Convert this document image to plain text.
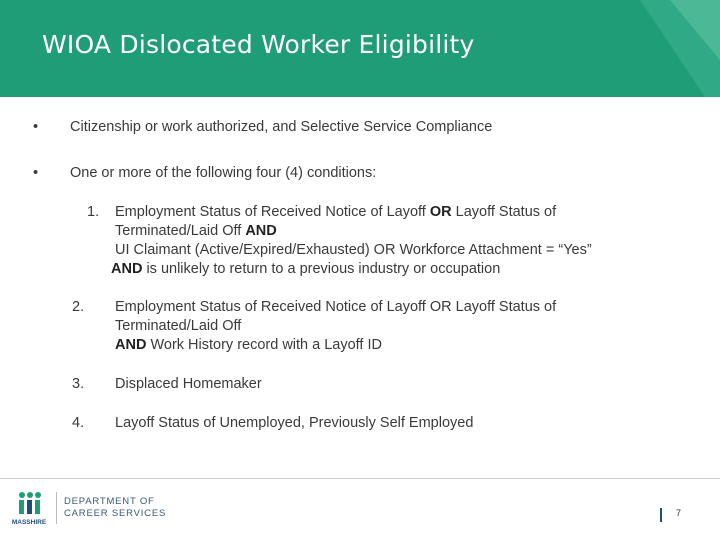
WIOA Dislocated Worker Eligibility
• Citizenship or work authorized, and Selective Service Compliance
• One or more of the following four (4) conditions:
1.	Employment Status of Received Notice of Layoff OR Layoff Status of
Terminated/Laid Off AND
UI Claimant (Active/Expired/Exhausted) OR Workforce Attachment = “Yes”
AND is unlikely to return to a previous industry or occupation
2.	Employment Status of Received Notice of Layoff OR Layoff Status of
Terminated/Laid Off
AND Work History record with a Layoff ID
3.	Displaced Homemaker
4.	Layoff Status of Unemployed, Previously Self Employed
MASSHIRE
DEPARTMENT OF
CAREER SERVICES	7
